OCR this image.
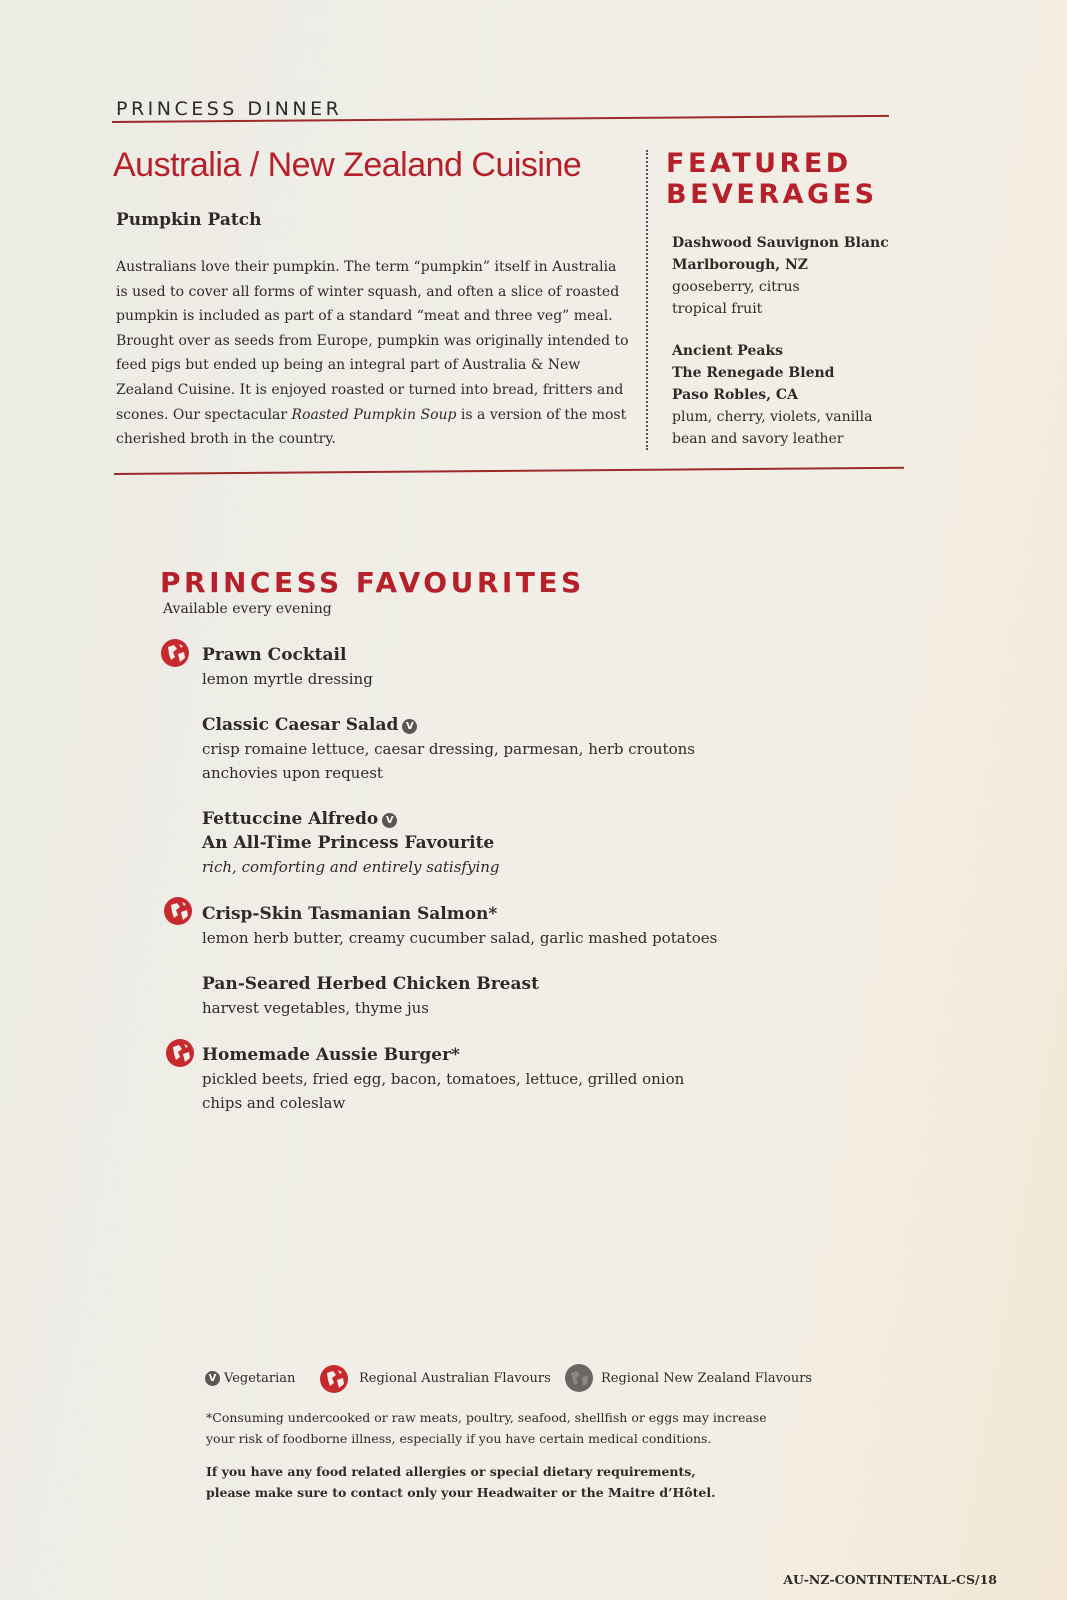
PRINCESS DINNER
Australia / New Zealand Cuisine
Pumpkin Patch

Australians love their pumpkin. The term “pumpkin” itself in Australia is used to cover all forms of winter squash, and often a slice of roasted pumpkin is included as part of a standard “meat and three veg” meal. Brought over as seeds from Europe, pumpkin was originally intended to feed pigs but ended up being an integral part of Australia & New Zealand Cuisine. It is enjoyed roasted or turned into bread, fritters and scones. Our spectacular Roasted Pumpkin Soup is a version of the most cherished broth in the country.

FEATURED
BEVERAGES
Dashwood Sauvignon Blanc
Marlborough, NZ
gooseberry, citrus
tropical fruit
Ancient Peaks
The Renegade Blend
Paso Robles, CA
plum, cherry, violets, vanilla
bean and savory leather
PRINCESS FAVOURITES
Available every evening
Prawn Cocktail
lemon myrtle dressing
Classic Caesar Salad V
crisp romaine lettuce, caesar dressing, parmesan, herb croutons
anchovies upon request
Fettuccine Alfredo V
An All-Time Princess Favourite
rich, comforting and entirely satisfying
Crisp-Skin Tasmanian Salmon*
lemon herb butter, creamy cucumber salad, garlic mashed potatoes
Pan-Seared Herbed Chicken Breast
harvest vegetables, thyme jus
Homemade Aussie Burger*
pickled beets, fried egg, bacon, tomatoes, lettuce, grilled onion
chips and coleslaw
V Vegetarian	Regional Australian Flavours	Regional New Zealand Flavours
*Consuming undercooked or raw meats, poultry, seafood, shellfish or eggs may increase
your risk of foodborne illness, especially if you have certain medical conditions.
If you have any food related allergies or special dietary requirements,
please make sure to contact only your Headwaiter or the Maitre d’Hôtel.
AU-NZ-CONTINTENTAL-CS/18
